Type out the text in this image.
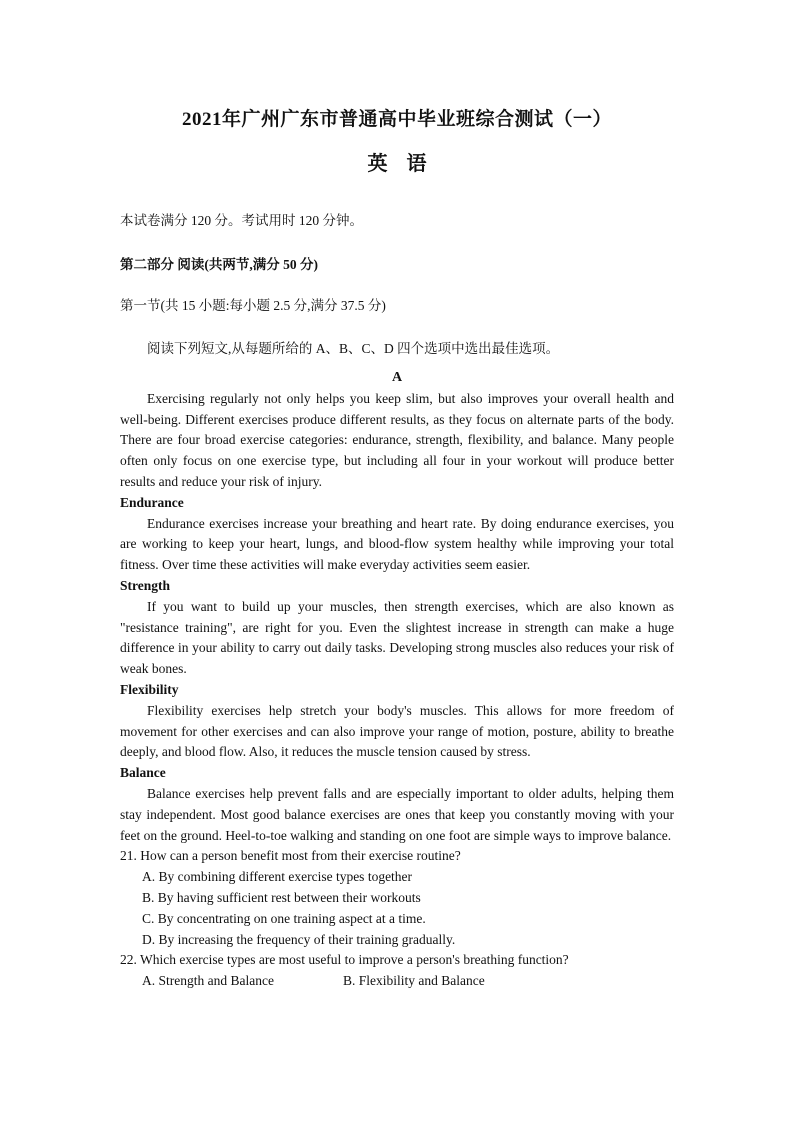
2021年广州广东市普通高中毕业班综合测试（一）
英 语
本试卷满分 120 分。考试用时 120 分钟。
第二部分 阅读(共两节,满分 50 分)
第一节(共 15 小题:每小题 2.5 分,满分 37.5 分)
阅读下列短文,从每题所给的 A、B、C、D 四个选项中选出最佳选项。
A

Exercising regularly not only helps you keep slim, but also improves your overall health and well-being. Different exercises produce different results, as they focus on alternate parts of the body. There are four broad exercise categories: endurance, strength, flexibility, and balance. Many people often only focus on one exercise type, but including all four in your workout will produce better results and reduce your risk of injury.

Endurance

Endurance exercises increase your breathing and heart rate. By doing endurance exercises, you are working to keep your heart, lungs, and blood-flow system healthy while improving your total fitness. Over time these activities will make everyday activities seem easier.

Strength

If you want to build up your muscles, then strength exercises, which are also known as "resistance training", are right for you. Even the slightest increase in strength can make a huge difference in your ability to carry out daily tasks. Developing strong muscles also reduces your risk of weak bones.

Flexibility

Flexibility exercises help stretch your body's muscles. This allows for more freedom of movement for other exercises and can also improve your range of motion, posture, ability to breathe deeply, and blood flow. Also, it reduces the muscle tension caused by stress.

Balance

Balance exercises help prevent falls and are especially important to older adults, helping them stay independent. Most good balance exercises are ones that keep you constantly moving with your feet on the ground. Heel-to-toe walking and standing on one foot are simple ways to improve balance.

21. How can a person benefit most from their exercise routine?

A. By combining different exercise types together

B. By having sufficient rest between their workouts

C. By concentrating on one training aspect at a time.

D. By increasing the frequency of their training gradually.

22. Which exercise types are most useful to improve a person's breathing function?

A. Strength and Balance	B. Flexibility and Balance
